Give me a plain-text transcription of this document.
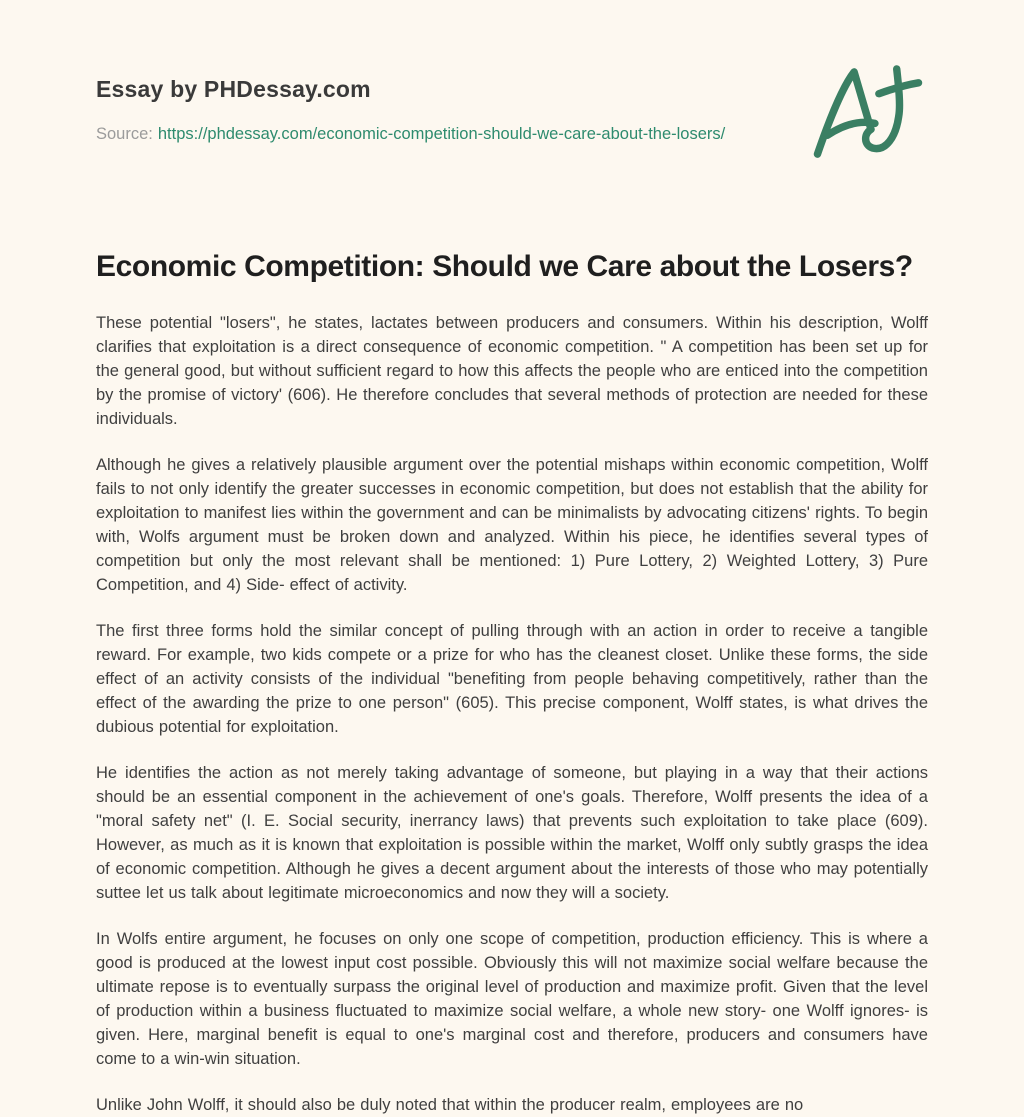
Essay by PHDessay.com
Source: https://phdessay.com/economic-competition-should-we-care-about-the-losers/
Economic Competition: Should we Care about the Losers?

These potential "losers", he states, lactates between producers and consumers. Within his description, Wolff clarifies that exploitation is a direct consequence of economic competition. " A competition has been set up for the general good, but without sufficient regard to how this affects the people who are enticed into the competition by the promise of victory' (606). He therefore concludes that several methods of protection are needed for these individuals.

Although he gives a relatively plausible argument over the potential mishaps within economic competition, Wolff fails to not only identify the greater successes in economic competition, but does not establish that the ability for exploitation to manifest lies within the government and can be minimalists by advocating citizens' rights. To begin with, Wolfs argument must be broken down and analyzed. Within his piece, he identifies several types of competition but only the most relevant shall be mentioned: 1) Pure Lottery, 2) Weighted Lottery, 3) Pure Competition, and 4) Side- effect of activity.

The first three forms hold the similar concept of pulling through with an action in order to receive a tangible reward. For example, two kids compete or a prize for who has the cleanest closet. Unlike these forms, the side effect of an activity consists of the individual "benefiting from people behaving competitively, rather than the effect of the awarding the prize to one person" (605). This precise component, Wolff states, is what drives the dubious potential for exploitation.

He identifies the action as not merely taking advantage of someone, but playing in a way that their actions should be an essential component in the achievement of one's goals. Therefore, Wolff presents the idea of a "moral safety net" (I. E. Social security, inerrancy laws) that prevents such exploitation to take place (609). However, as much as it is known that exploitation is possible within the market, Wolff only subtly grasps the idea of economic competition. Although he gives a decent argument about the interests of those who may potentially suttee let us talk about legitimate microeconomics and now they will a society.

In Wolfs entire argument, he focuses on only one scope of competition, production efficiency. This is where a good is produced at the lowest input cost possible. Obviously this will not maximize social welfare because the ultimate repose is to eventually surpass the original level of production and maximize profit. Given that the level of production within a business fluctuated to maximize social welfare, a whole new story- one Wolff ignores- is given. Here, marginal benefit is equal to one's marginal cost and therefore, producers and consumers have come to a win-win situation.

Unlike John Wolff, it should also be duly noted that within the producer realm, employees are no
